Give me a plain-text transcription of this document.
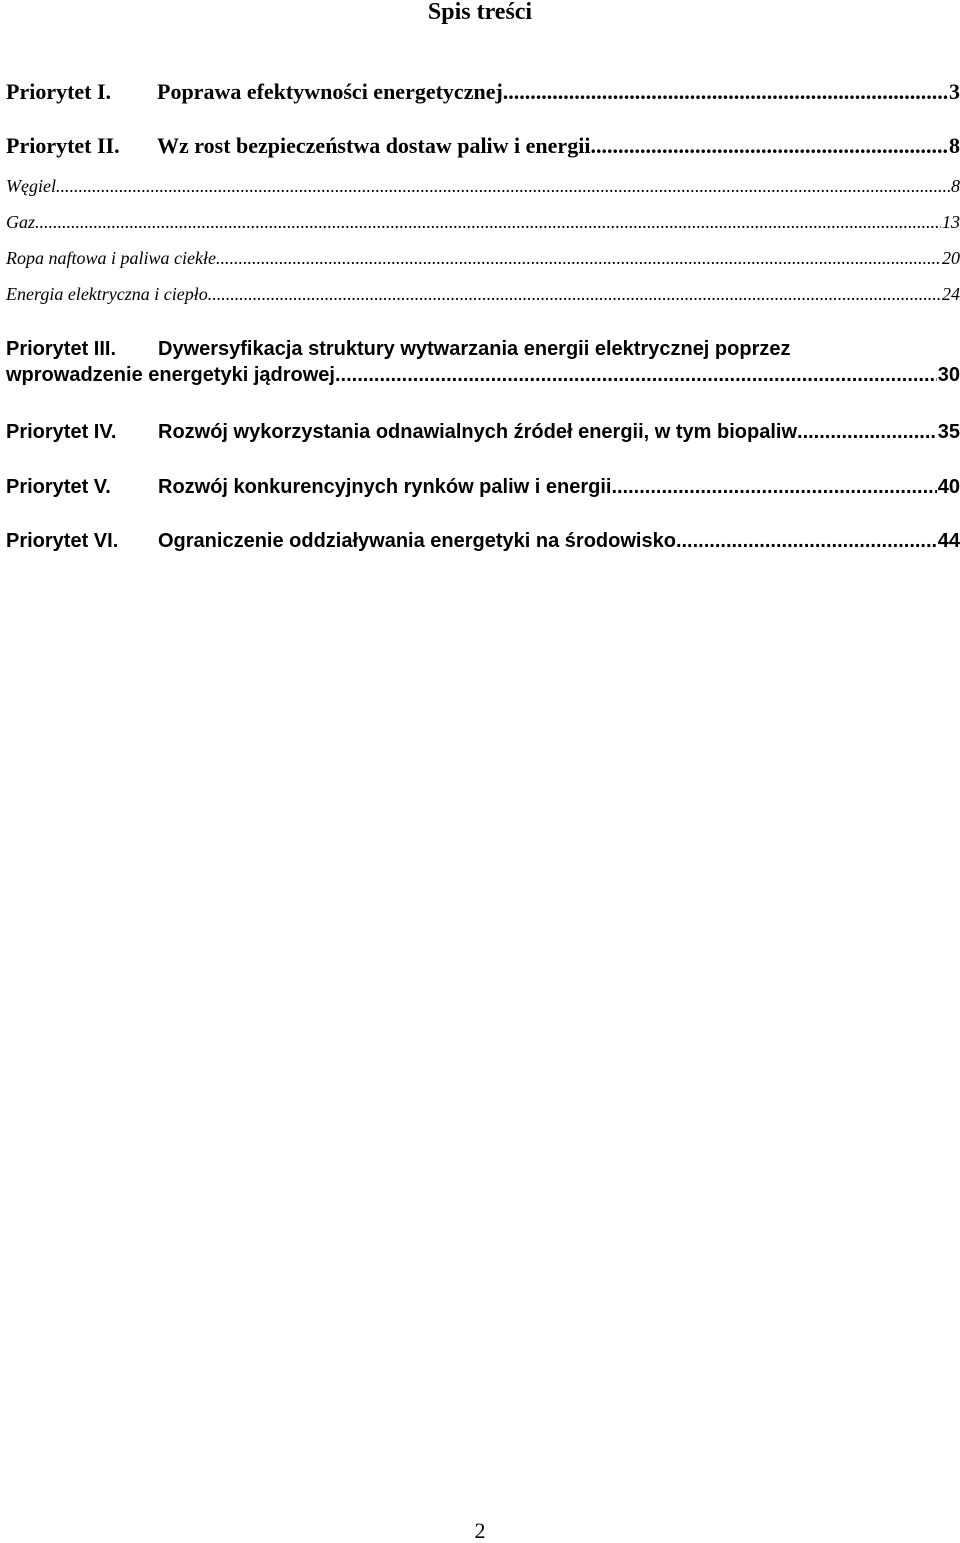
Spis treści
Priorytet I.	Poprawa efektywności energetycznej .....	3
Priorytet II.	Wz rost bezpieczeństwa dostaw paliw i energii .....	8
Węgiel .....	8
Gaz .....	13
Ropa naftowa i paliwa ciekłe .....	20
Energia elektryczna i ciepło .....	24
Priorytet III.	Dywersyfikacja struktury wytwarzania energii elektrycznej poprzez
wprowadzenie energetyki jądrowej .....	30
Priorytet IV.	Rozwój wykorzystania odnawialnych źródeł energii, w tym biopaliw .....	35
Priorytet V.	Rozwój konkurencyjnych rynków paliw i energii .....	40
Priorytet VI.	Ograniczenie oddziaływania energetyki na środowisko .....	44
2
